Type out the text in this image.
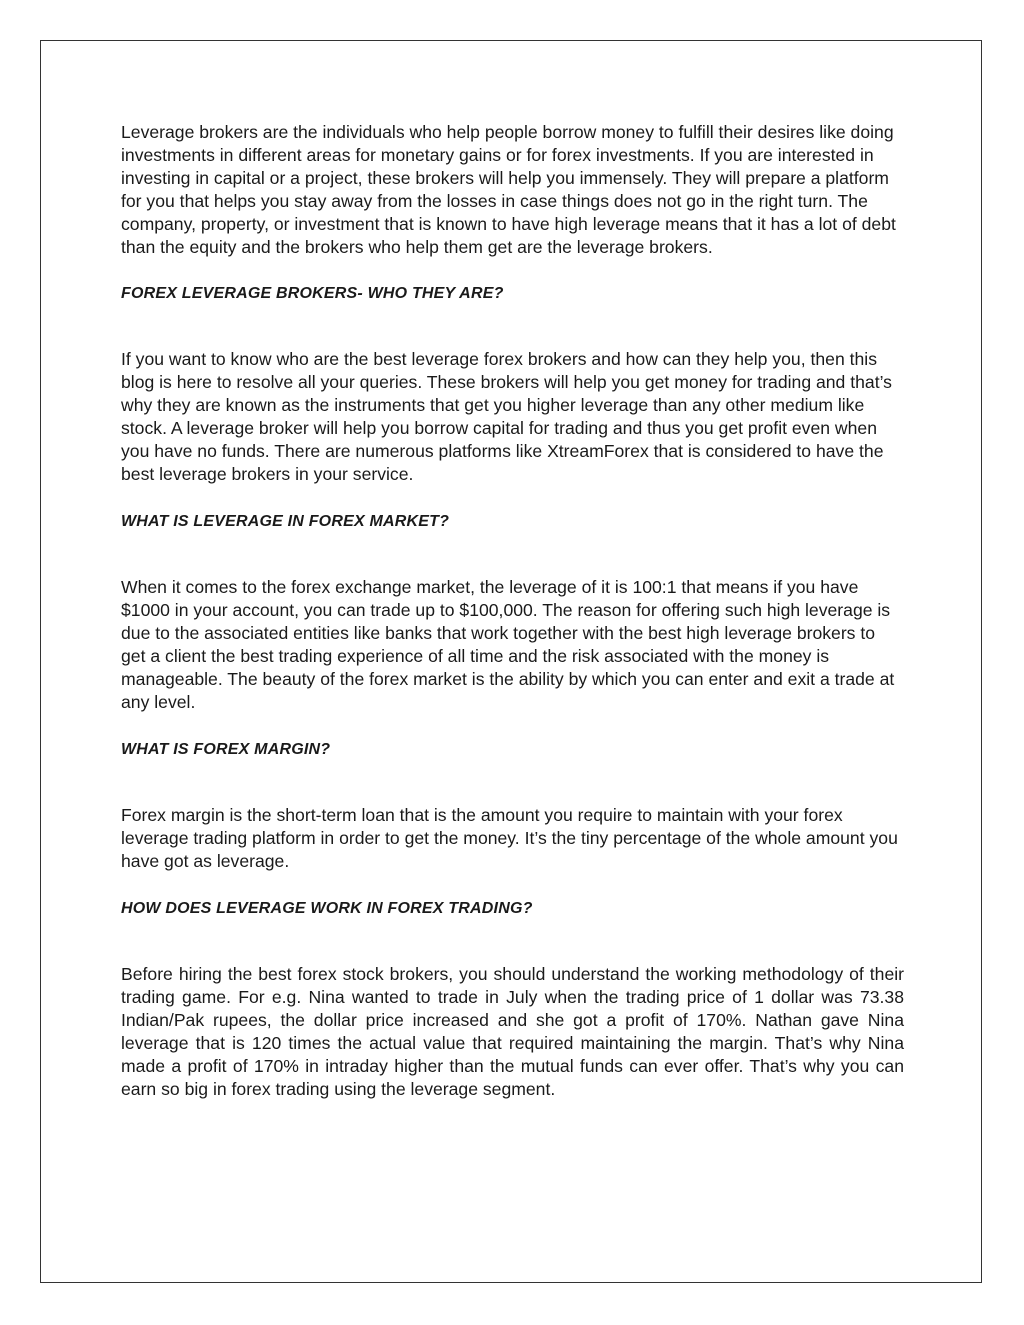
Leverage brokers are the individuals who help people borrow money to fulfill their desires like doing investments in different areas for monetary gains or for forex investments. If you are interested in investing in capital or a project, these brokers will help you immensely. They will prepare a platform for you that helps you stay away from the losses in case things does not go in the right turn. The company, property, or investment that is known to have high leverage means that it has a lot of debt than the equity and the brokers who help them get are the leverage brokers.

FOREX LEVERAGE BROKERS- WHO THEY ARE?

If you want to know who are the best leverage forex brokers and how can they help you, then this blog is here to resolve all your queries. These brokers will help you get money for trading and that’s why they are known as the instruments that get you higher leverage than any other medium like stock. A leverage broker will help you borrow capital for trading and thus you get profit even when you have no funds. There are numerous platforms like XtreamForex that is considered to have the best leverage brokers in your service.

WHAT IS LEVERAGE IN FOREX MARKET?

When it comes to the forex exchange market, the leverage of it is 100:1 that means if you have $1000 in your account, you can trade up to $100,000. The reason for offering such high leverage is due to the associated entities like banks that work together with the best high leverage brokers to get a client the best trading experience of all time and the risk associated with the money is manageable. The beauty of the forex market is the ability by which you can enter and exit a trade at any level.

WHAT IS FOREX MARGIN?

Forex margin is the short-term loan that is the amount you require to maintain with your forex leverage trading platform in order to get the money. It’s the tiny percentage of the whole amount you have got as leverage.

HOW DOES LEVERAGE WORK IN FOREX TRADING?

Before hiring the best forex stock brokers, you should understand the working methodology of their trading game. For e.g. Nina wanted to trade in July when the trading price of 1 dollar was 73.38 Indian/Pak rupees, the dollar price increased and she got a profit of 170%. Nathan gave Nina leverage that is 120 times the actual value that required maintaining the margin. That’s why Nina made a profit of 170% in intraday higher than the mutual funds can ever offer. That’s why you can earn so big in forex trading using the leverage segment.
